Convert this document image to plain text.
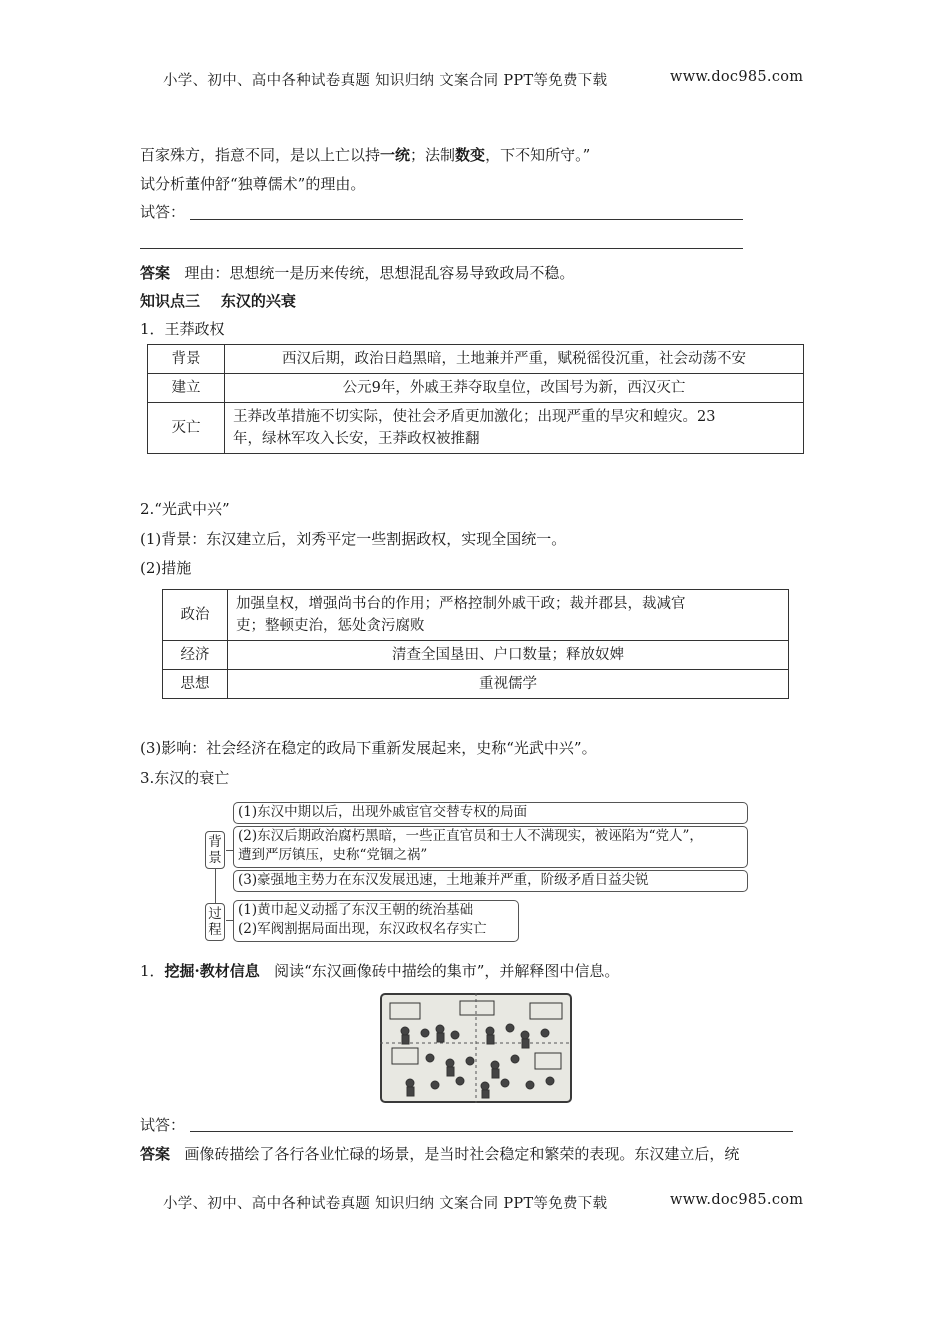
小学、初中、高中各种试卷真题 知识归纳 文案合同 PPT等免费下载	www.doc985.com
百家殊方，指意不同，是以上亡以持一统；法制数变，下不知所守。”
试分析董仲舒“独尊儒术”的理由。
试答：
答案 理由：思想统一是历来传统，思想混乱容易导致政局不稳。
知识点三 东汉的兴衰
1．王莽政权
背景	西汉后期，政治日趋黑暗，土地兼并严重，赋税徭役沉重，社会动荡不安
建立	公元9年，外戚王莽夺取皇位，改国号为新，西汉灭亡
灭亡	王莽改革措施不切实际，使社会矛盾更加激化；出现严重的旱灾和蝗灾。23
年，绿林军攻入长安，王莽政权被推翻
2.“光武中兴”
(1)背景：东汉建立后，刘秀平定一些割据政权，实现全国统一。
(2)措施
政治	加强皇权，增强尚书台的作用；严格控制外戚干政；裁并郡县，裁减官
吏；整顿吏治，惩处贪污腐败

经济	清查全国垦田、户口数量；释放奴婢
思想	重视儒学
(3)影响：社会经济在稳定的政局下重新发展起来，史称“光武中兴”。
3.东汉的衰亡
背
景
过
程
(1)东汉中期以后，出现外戚宦官交替专权的局面
(2)东汉后期政治腐朽黑暗，一些正直官员和士人不满现实，被诬陷为“党人”，
遭到严厉镇压，史称“党锢之祸”
(3)豪强地主势力在东汉发展迅速，土地兼并严重，阶级矛盾日益尖锐
(1)黄巾起义动摇了东汉王朝的统治基础
(2)军阀割据局面出现，东汉政权名存实亡
1．挖掘·教材信息 阅读“东汉画像砖中描绘的集市”，并解释图中信息。
试答：
答案 画像砖描绘了各行各业忙碌的场景，是当时社会稳定和繁荣的表现。东汉建立后，统
小学、初中、高中各种试卷真题 知识归纳 文案合同 PPT等免费下载	www.doc985.com
